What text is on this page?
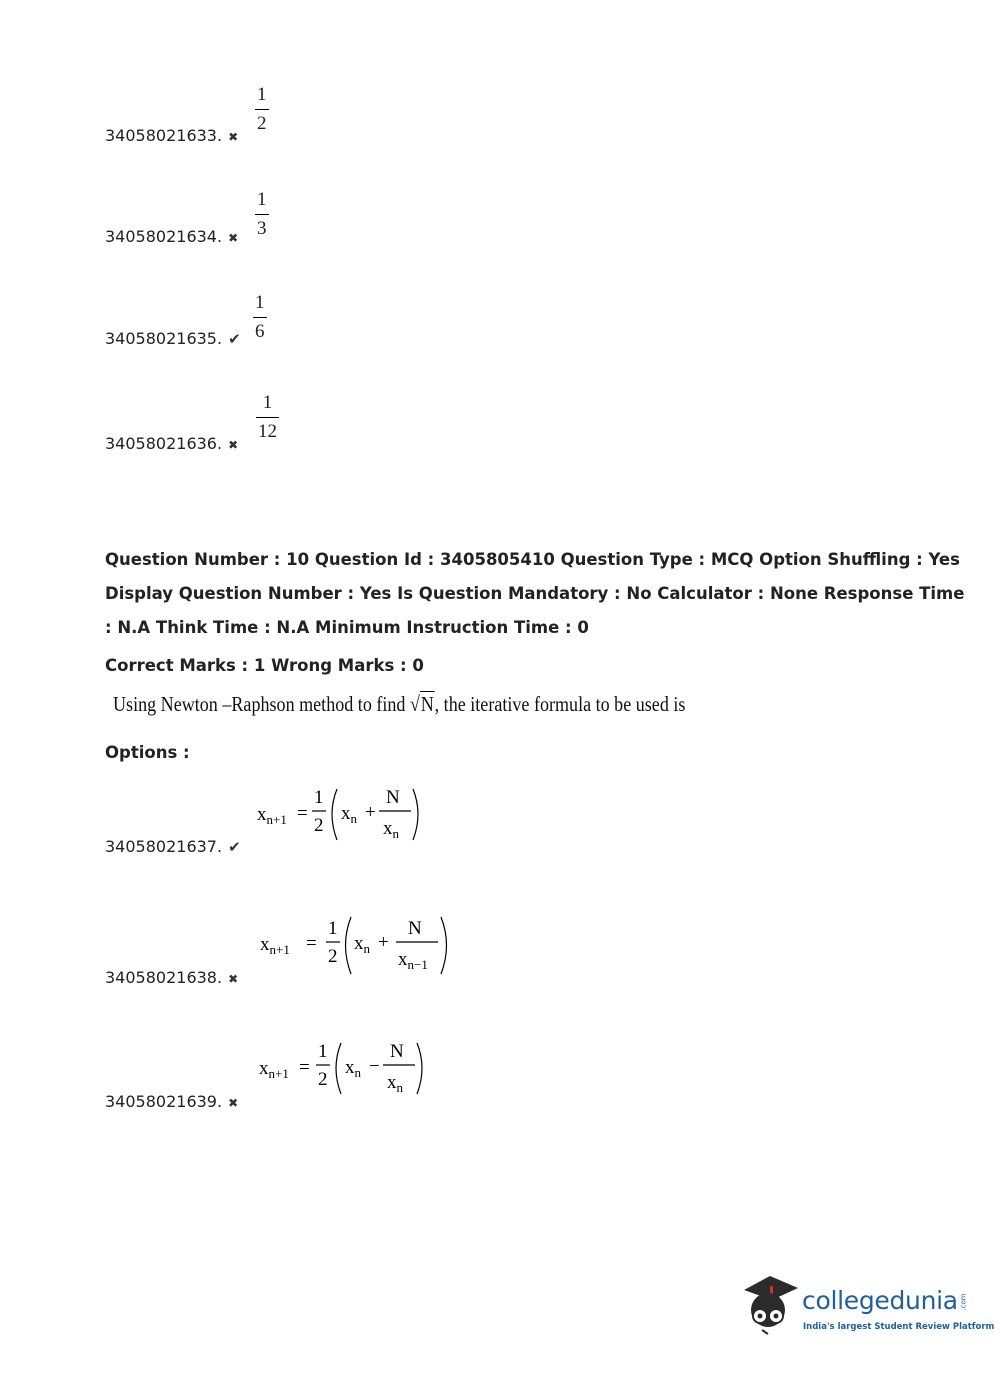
1
2
34058021633. ✖
1
3
34058021634. ✖
1
6
34058021635. ✔
1
12
34058021636. ✖
Question Number : 10 Question Id : 3405805410 Question Type : MCQ Option Shuffling : Yes
Display Question Number : Yes Is Question Mandatory : No Calculator : None Response Time
: N.A Think Time : N.A Minimum Instruction Time : 0
Correct Marks : 1 Wrong Marks : 0
Using Newton –Raphson method to find √N, the iterative formula to be used is
Options :
$x_{n+1}$ =
1
2
$x_n$ +
N
$x_n$
34058021637. ✔
$x_{n+1}$ =
1
2
$x_n$ +
N
$x_{n-1}$
34058021638. ✖
$x_{n+1}$ =
1
2
$x_n$ −
N
$x_n$
34058021639. ✖
collegedunia .com
India's largest Student Review Platform
